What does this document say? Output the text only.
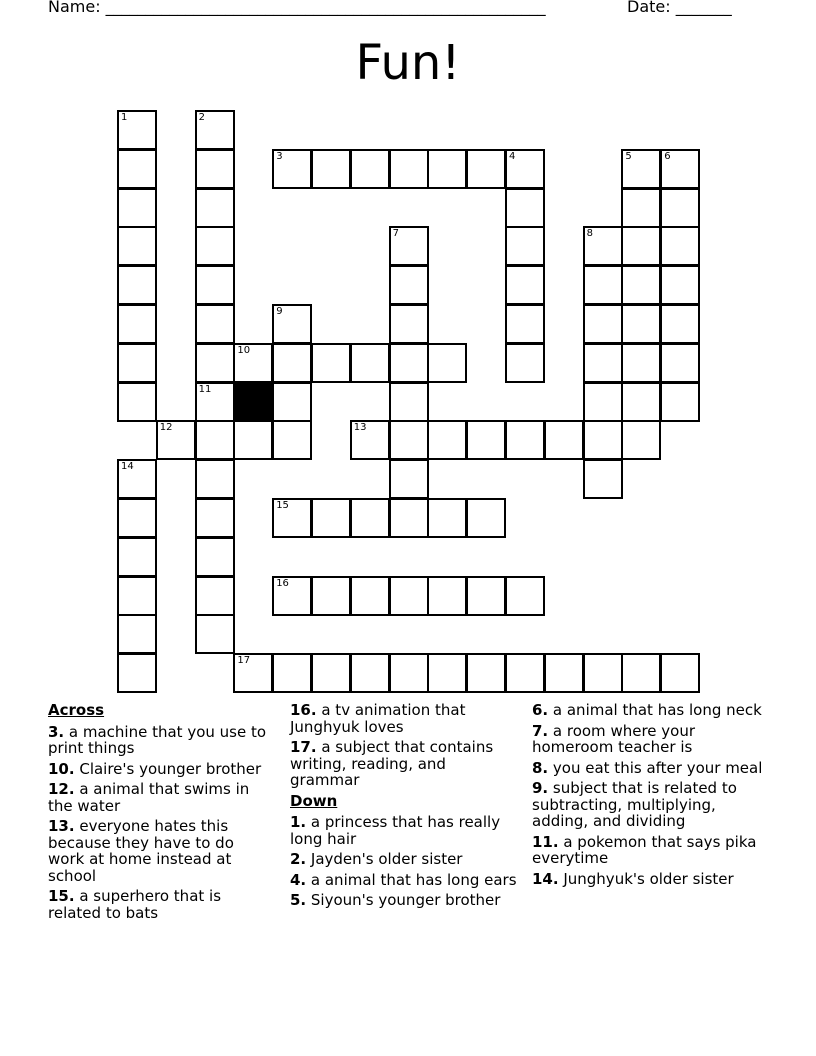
Name: _______________________________________________________	Date: _______
Fun!
1	2
3	4	5	6
7	8
9
10
11
12	13
14
15
16
17
Across
3. a machine that you use to print things
10. Claire's younger brother
12. a animal that swims in the water
13. everyone hates this because they have to do work at home instead at school
15. a superhero that is related to bats
16. a tv animation that Junghyuk loves
17. a subject that contains writing, reading, and grammar
Down
1. a princess that has really long hair
2. Jayden's older sister
4. a animal that has long ears
5. Siyoun's younger brother
6. a animal that has long neck
7. a room where your homeroom teacher is
8. you eat this after your meal
9. subject that is related to subtracting, multiplying, adding, and dividing
11. a pokemon that says pika everytime
14. Junghyuk's older sister
